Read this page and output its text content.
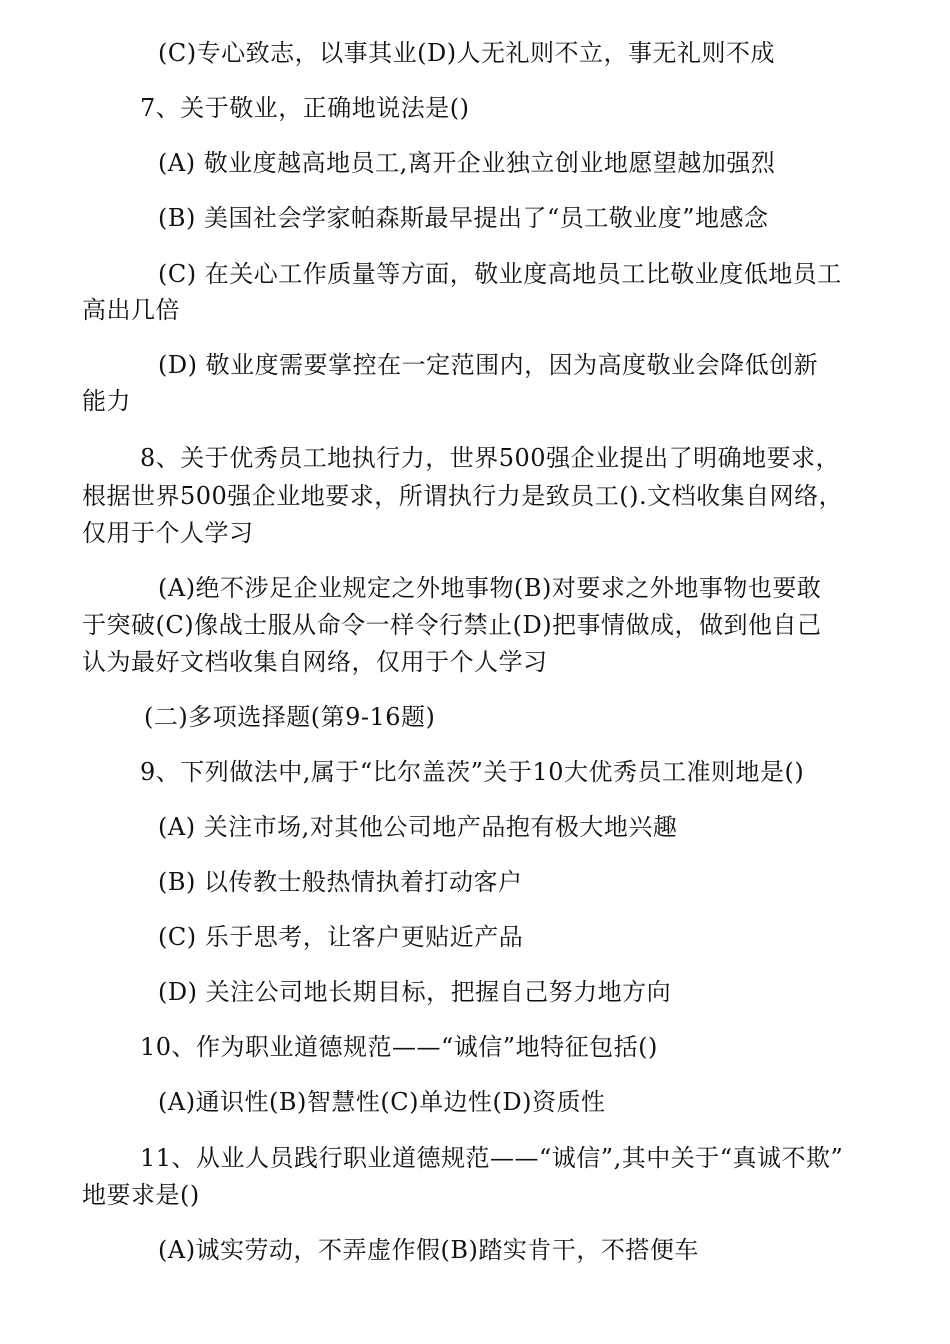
(C)专心致志，以事其业(D)人无礼则不立，事无礼则不成
7、关于敬业，正确地说法是()
(A) 敬业度越高地员工,离开企业独立创业地愿望越加强烈
(B) 美国社会学家帕森斯最早提出了“员工敬业度”地感念
(C) 在关心工作质量等方面，敬业度高地员工比敬业度低地员工
高出几倍
(D) 敬业度需要掌控在一定范围内，因为高度敬业会降低创新
能力
8、关于优秀员工地执行力，世界500强企业提出了明确地要求，
根据世界500强企业地要求，所谓执行力是致员工().文档收集自网络，
仅用于个人学习
(A)绝不涉足企业规定之外地事物(B)对要求之外地事物也要敢
于突破(C)像战士服从命令一样令行禁止(D)把事情做成，做到他自己
认为最好文档收集自网络，仅用于个人学习
(二)多项选择题(第9-16题)
9、下列做法中,属于“比尔盖茨”关于10大优秀员工准则地是()
(A) 关注市场,对其他公司地产品抱有极大地兴趣
(B) 以传教士般热情执着打动客户
(C) 乐于思考，让客户更贴近产品
(D) 关注公司地长期目标，把握自己努力地方向
10、作为职业道德规范——“诚信”地特征包括()
(A)通识性(B)智慧性(C)单边性(D)资质性
11、从业人员践行职业道德规范——“诚信”,其中关于“真诚不欺”
地要求是()
(A)诚实劳动，不弄虚作假(B)踏实肯干，不搭便车
